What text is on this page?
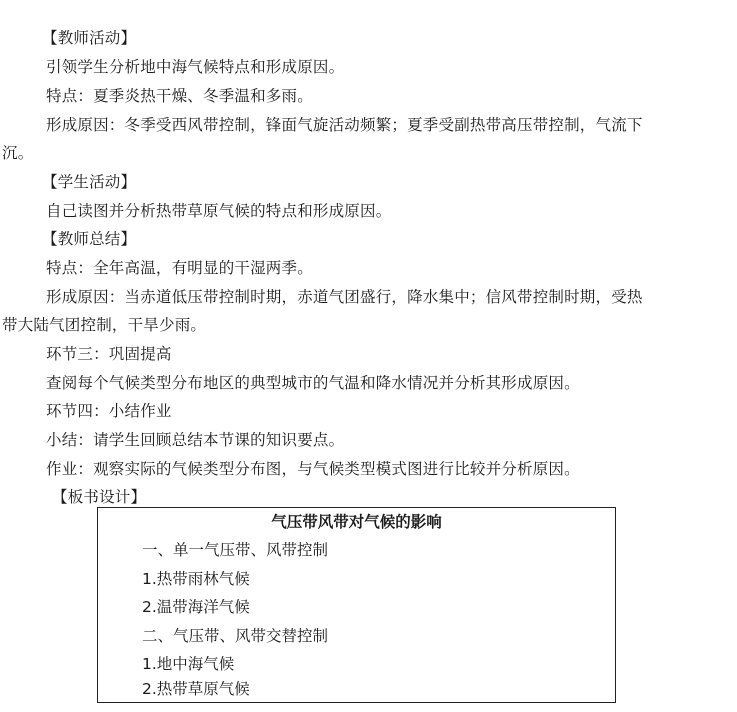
【教师活动】
引领学生分析地中海气候特点和形成原因。
特点：夏季炎热干燥、冬季温和多雨。
形成原因：冬季受西风带控制，锋面气旋活动频繁；夏季受副热带高压带控制，气流下
沉。
【学生活动】
自己读图并分析热带草原气候的特点和形成原因。
【教师总结】
特点：全年高温，有明显的干湿两季。
形成原因：当赤道低压带控制时期，赤道气团盛行，降水集中；信风带控制时期，受热
带大陆气团控制，干旱少雨。
环节三：巩固提高
查阅每个气候类型分布地区的典型城市的气温和降水情况并分析其形成原因。
环节四：小结作业
小结：请学生回顾总结本节课的知识要点。
作业：观察实际的气候类型分布图，与气候类型模式图进行比较并分析原因。
【板书设计】
气压带风带对气候的影响
一、单一气压带、风带控制
1.热带雨林气候
2.温带海洋气候
二、气压带、风带交替控制
1.地中海气候
2.热带草原气候
